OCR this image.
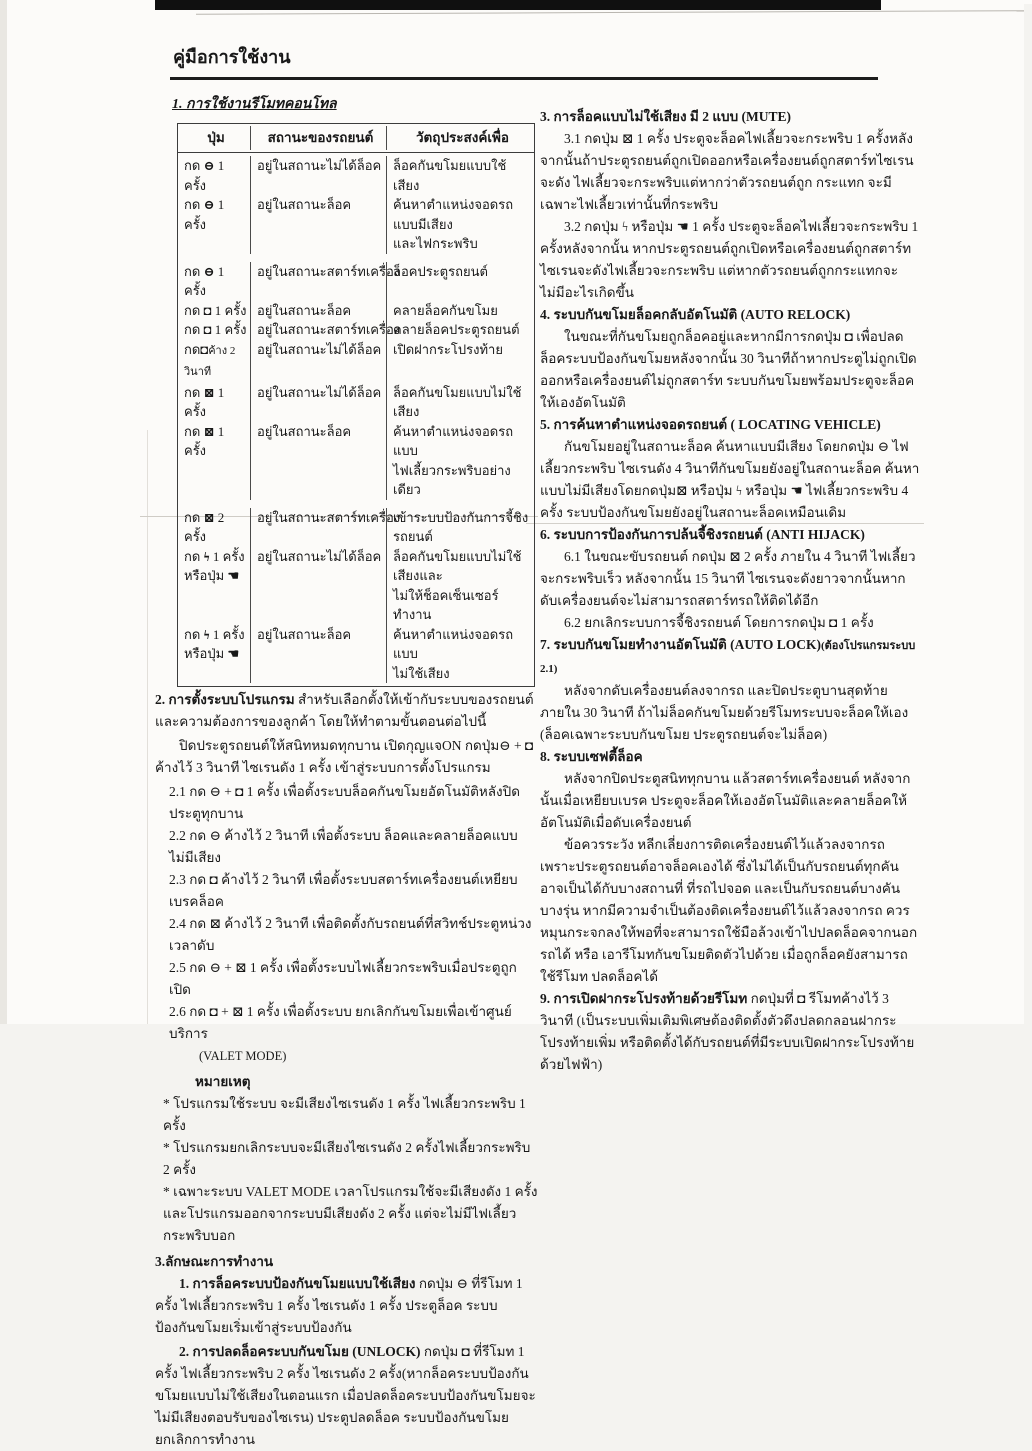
คู่มือการใช้งาน
1. การใช้งานรีโมทคอนโทล
ปุ่ม	สถานะของรถยนต์	วัตถุประสงค์เพื่อ
กด ⊖ 1 ครั้ง
อยู่ในสถานะไม่ได้ล็อค ล็อคกันขโมยแบบใช้เสียง
กด ⊖ 1 ครั้ง
อยู่ในสถานะล็อค	ค้นหาตำแหน่งจอดรถ แบบมีเสียง
และไฟกระพริบ
กด ⊖ 1 ครั้ง
อยู่ในสถานะสตาร์ทเครื่อง
ล็อคประตูรถยนต์
กด ◘ 1 ครั้ง อยู่ในสถานะล็อค	คลายล็อคกันขโมย
กด ◘ 1 ครั้ง อยู่ในสถานะสตาร์ทเครื่อง
คลายล็อคประตูรถยนต์
กด◘ค้าง 2 วินาที
อยู่ในสถานะไม่ได้ล็อค เปิดฝากระโปรงท้าย
กด ⊠ 1 ครั้ง
อยู่ในสถานะไม่ได้ล็อค ล็อคกันขโมยแบบไม่ใช้เสียง
กด ⊠ 1 ครั้ง
อยู่ในสถานะล็อค	ค้นหาตำแหน่งจอดรถแบบ
ไฟเลี้ยวกระพริบอย่างเดียว
กด ⊠ 2 ครั้ง
อยู่ในสถานะสตาร์ทเครื่อง
เข้าระบบป้องกันการจี้ชิงรถยนต์
กด ϟ 1 ครั้ง
หรือปุ่ม ☚
อยู่ในสถานะไม่ได้ล็อค ล็อคกันขโมยแบบไม่ใช้เสียงและ
ไม่ให้ช็อคเซ็นเซอร์ทำงาน
กด ϟ 1 ครั้ง
หรือปุ่ม ☚
อยู่ในสถานะล็อค	ค้นหาตำแหน่งจอดรถแบบ
ไม่ใช้เสียง

2. การตั้งระบบโปรแกรม สำหรับเลือกตั้งให้เข้ากับระบบของรถยนต์และความต้องการของลูกค้า โดยให้ทำตามขั้นตอนต่อไปนี้

ปิดประตูรถยนต์ให้สนิทหมดทุกบาน เปิดกุญแจON กดปุ่ม⊖ + ◘ ค้างไว้ 3 วินาที ไซเรนดัง 1 ครั้ง เข้าสู่ระบบการตั้งโปรแกรม

2.1 กด ⊖ + ◘ 1 ครั้ง เพื่อตั้งระบบล็อคกันขโมยอัตโนมัติหลังปิดประตูทุกบาน
2.2 กด ⊖ ค้างไว้ 2 วินาที เพื่อตั้งระบบ ล็อคและคลายล็อคแบบไม่มีเสียง
2.3 กด ◘ ค้างไว้ 2 วินาที เพื่อตั้งระบบสตาร์ทเครื่องยนต์เหยียบเบรคล็อค
2.4 กด ⊠ ค้างไว้ 2 วินาที เพื่อติดตั้งกับรถยนต์ที่สวิทช์ประตูหน่วงเวลาดับ
2.5 กด ⊖ + ⊠ 1 ครั้ง เพื่อตั้งระบบไฟเลี้ยวกระพริบเมื่อประตูถูกเปิด
2.6 กด ◘ + ⊠ 1 ครั้ง เพื่อตั้งระบบ ยกเลิกกันขโมยเพื่อเข้าศูนย์บริการ
(VALET MODE)
หมายเหตุ
* โปรแกรมใช้ระบบ จะมีเสียงไซเรนดัง 1 ครั้ง ไฟเลี้ยวกระพริบ 1 ครั้ง
* โปรแกรมยกเลิกระบบจะมีเสียงไซเรนดัง 2 ครั้งไฟเลี้ยวกระพริบ 2 ครั้ง
* เฉพาะระบบ VALET MODE เวลาโปรแกรมใช้จะมีเสียงดัง 1 ครั้ง และโปรแกรมออกจากระบบมีเสียงดัง 2 ครั้ง แต่จะไม่มีไฟเลี้ยวกระพริบบอก
3.ลักษณะการทำงาน

1. การล็อคระบบป้องกันขโมยแบบใช้เสียง กดปุ่ม ⊖ ที่รีโมท 1 ครั้ง ไฟเลี้ยวกระพริบ 1 ครั้ง ไซเรนดัง 1 ครั้ง ประตูล็อค ระบบป้องกันขโมยเริ่มเข้าสู่ระบบป้องกัน

2. การปลดล็อคระบบกันขโมย (UNLOCK) กดปุ่ม ◘ ที่รีโมท 1 ครั้ง ไฟเลี้ยวกระพริบ 2 ครั้ง ไซเรนดัง 2 ครั้ง(หากล็อคระบบป้องกันขโมยแบบไม่ใช้เสียงในตอนแรก เมื่อปลดล็อคระบบป้องกันขโมยจะไม่มีเสียงตอบรับของไซเรน) ประตูปลดล็อค ระบบป้องกันขโมยยกเลิกการทำงาน

3. การล็อคแบบไม่ใช้เสียง มี 2 แบบ (MUTE)

3.1 กดปุ่ม ⊠ 1 ครั้ง ประตูจะล็อคไฟเลี้ยวจะกระพริบ 1 ครั้งหลังจากนั้นถ้าประตูรถยนต์ถูกเปิดออกหรือเครื่องยนต์ถูกสตาร์ทไซเรนจะดัง ไฟเลี้ยวจะกระพริบแต่หากว่าตัวรถยนต์ถูก กระแทก จะมีเฉพาะไฟเลี้ยวเท่านั้นที่กระพริบ

3.2 กดปุ่ม ϟ หรือปุ่ม ☚ 1 ครั้ง ประตูจะล็อคไฟเลี้ยวจะกระพริบ 1 ครั้งหลังจากนั้น หากประตูรถยนต์ถูกเปิดหรือเครื่องยนต์ถูกสตาร์ท ไซเรนจะดังไฟเลี้ยวจะกระพริบ แต่หากตัวรถยนต์ถูกกระแทกจะไม่มีอะไรเกิดขึ้น

4. ระบบกันขโมยล็อคกลับอัตโนมัติ (AUTO RELOCK)

ในขณะที่กันขโมยถูกล็อคอยู่และหากมีการกดปุ่ม ◘ เพื่อปลดล็อคระบบป้องกันขโมยหลังจากนั้น 30 วินาทีถ้าหากประตูไม่ถูกเปิดออกหรือเครื่องยนต์ไม่ถูกสตาร์ท ระบบกันขโมยพร้อมประตูจะล็อคให้เองอัตโนมัติ

5. การค้นหาตำแหน่งจอดรถยนต์ ( LOCATING VEHICLE)

กันขโมยอยู่ในสถานะล็อค ค้นหาแบบมีเสียง โดยกดปุ่ม ⊖ ไฟเลี้ยวกระพริบ ไซเรนดัง 4 วินาทีกันขโมยยังอยู่ในสถานะล็อค ค้นหาแบบไม่มีเสียงโดยกดปุ่ม⊠ หรือปุ่ม ϟ หรือปุ่ม ☚ ไฟเลี้ยวกระพริบ 4 ครั้ง ระบบป้องกันขโมยยังอยู่ในสถานะล็อคเหมือนเดิม

6. ระบบการป้องกันการปล้นจี้ชิงรถยนต์ (ANTI HIJACK)

6.1 ในขณะขับรถยนต์ กดปุ่ม ⊠ 2 ครั้ง ภายใน 4 วินาที ไฟเลี้ยวจะกระพริบเร็ว หลังจากนั้น 15 วินาที ไซเรนจะดังยาวจากนั้นหากดับเครื่องยนต์จะไม่สามารถสตาร์ทรถให้ติดได้อีก

6.2 ยกเลิกระบบการจี้ชิงรถยนต์ โดยการกดปุ่ม ◘ 1 ครั้ง

7. ระบบกันขโมยทำงานอัตโนมัติ (AUTO LOCK)(ต้องโปรแกรมระบบ 2.1)

หลังจากดับเครื่องยนต์ลงจากรถ และปิดประตูบานสุดท้าย ภายใน 30 วินาที ถ้าไม่ล็อคกันขโมยด้วยรีโมทระบบจะล็อคให้เอง (ล็อคเฉพาะระบบกันขโมย ประตูรถยนต์จะไม่ล็อค)

8. ระบบเซฟตี้ล็อค

หลังจากปิดประตูสนิททุกบาน แล้วสตาร์ทเครื่องยนต์ หลังจากนั้นเมื่อเหยียบเบรค ประตูจะล็อคให้เองอัตโนมัติและคลายล็อคให้อัตโนมัติเมื่อดับเครื่องยนต์

ข้อควรระวัง หลีกเลี่ยงการติดเครื่องยนต์ไว้แล้วลงจากรถ เพราะประตูรถยนต์อาจล็อคเองได้ ซึ่งไม่ได้เป็นกับรถยนต์ทุกคัน อาจเป็นได้กับบางสถานที่ ที่รถไปจอด และเป็นกับรถยนต์บางคัน บางรุ่น หากมีความจำเป็นต้องติดเครื่องยนต์ไว้แล้วลงจากรถ ควรหมุนกระจกลงให้พอที่จะสามารถใช้มือล้วงเข้าไปปลดล็อคจากนอกรถได้ หรือ เอารีโมทกันขโมยติดตัวไปด้วย เมื่อถูกล็อคยังสามารถใช้รีโมท ปลดล็อคได้

9. การเปิดฝากระโปรงท้ายด้วยรีโมท กดปุ่มที่ ◘ รีโมทค้างไว้ 3 วินาที (เป็นระบบเพิ่มเติมพิเศษต้องติดตั้งตัวดึงปลดกลอนฝากระโปรงท้ายเพิ่ม หรือติดตั้งได้กับรถยนต์ที่มีระบบเปิดฝากระโปรงท้ายด้วยไฟฟ้า)
